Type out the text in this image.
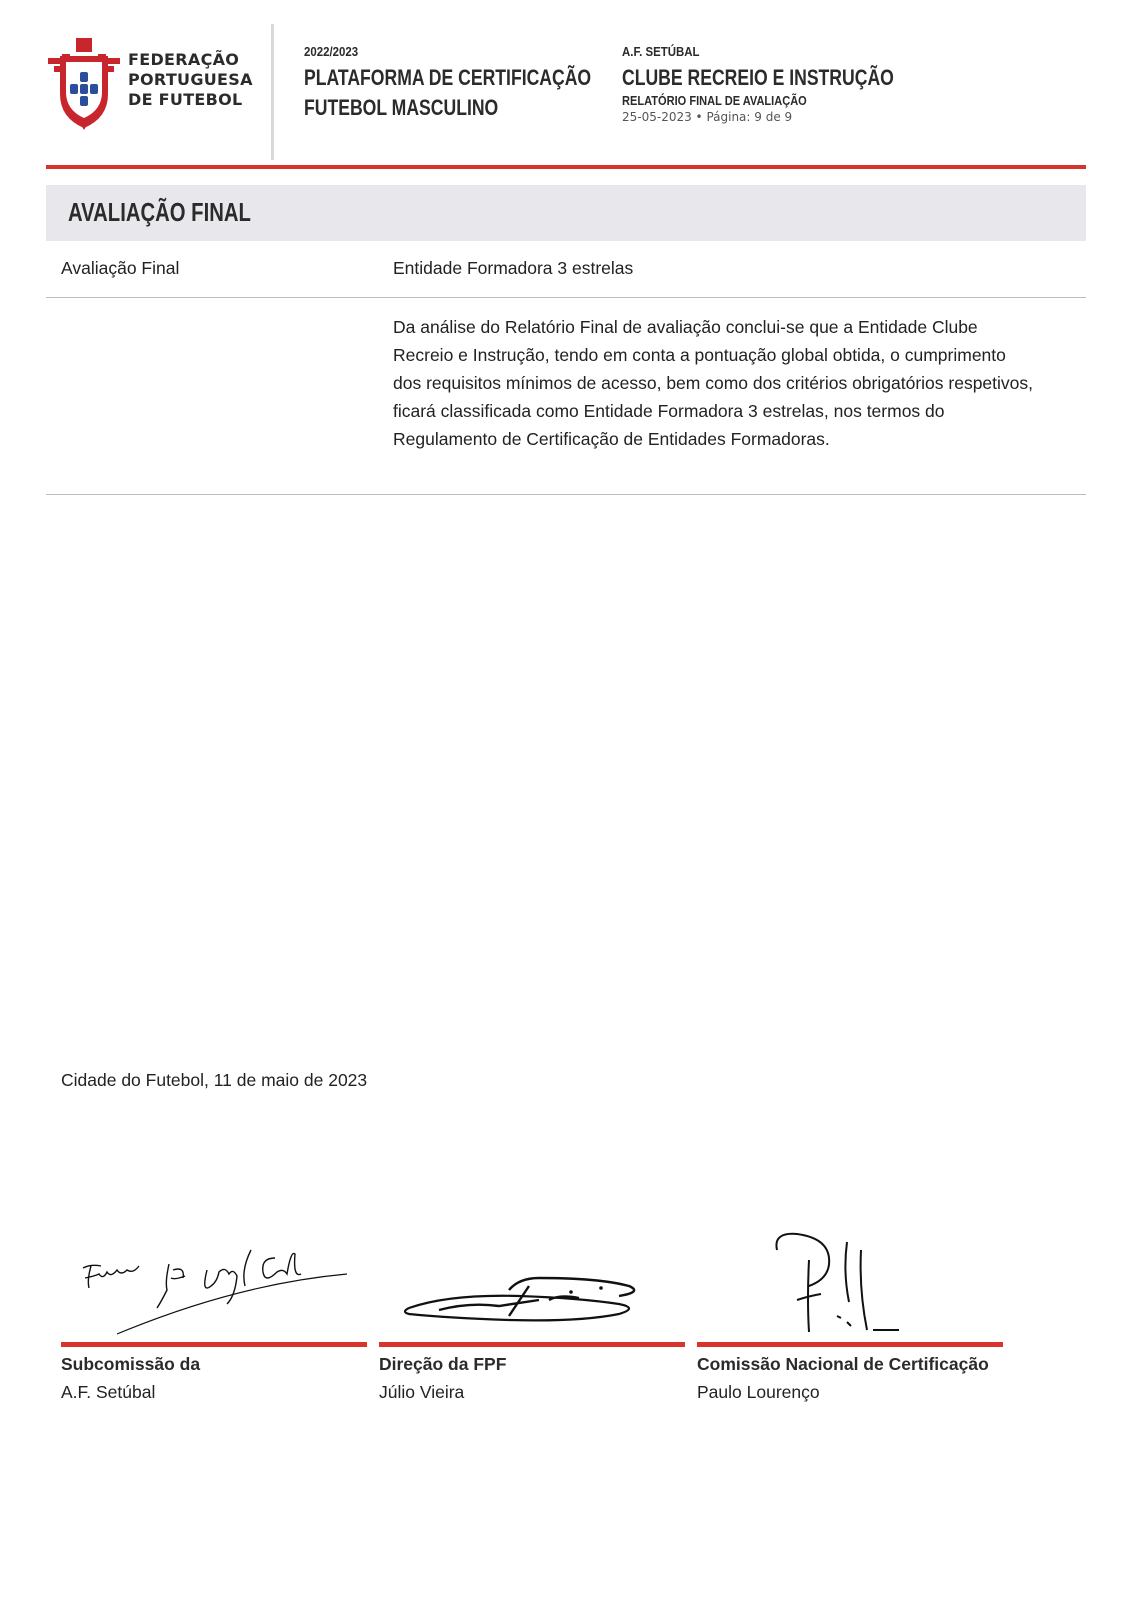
FEDERAÇÃO
PORTUGUESA
DE FUTEBOL
2022/2023
PLATAFORMA DE CERTIFICAÇÃO
FUTEBOL MASCULINO
A.F. SETÚBAL
CLUBE RECREIO E INSTRUÇÃO
RELATÓRIO FINAL DE AVALIAÇÃO
25-05-2023 • Página: 9 de 9
AVALIAÇÃO FINAL
Avaliação Final	Entidade Formadora 3 estrelas
Da análise do Relatório Final de avaliação conclui-se que a Entidade Clube Recreio e Instrução, tendo em conta a pontuação global obtida, o cumprimento dos requisitos mínimos de acesso, bem como dos critérios obrigatórios respetivos, ficará classificada como Entidade Formadora 3 estrelas, nos termos do Regulamento de Certificação de Entidades Formadoras.
Cidade do Futebol, 11 de maio de 2023
Subcomissão da
A.F. Setúbal
Direção da FPF
Júlio Vieira
Comissão Nacional de Certificação
Paulo Lourenço
